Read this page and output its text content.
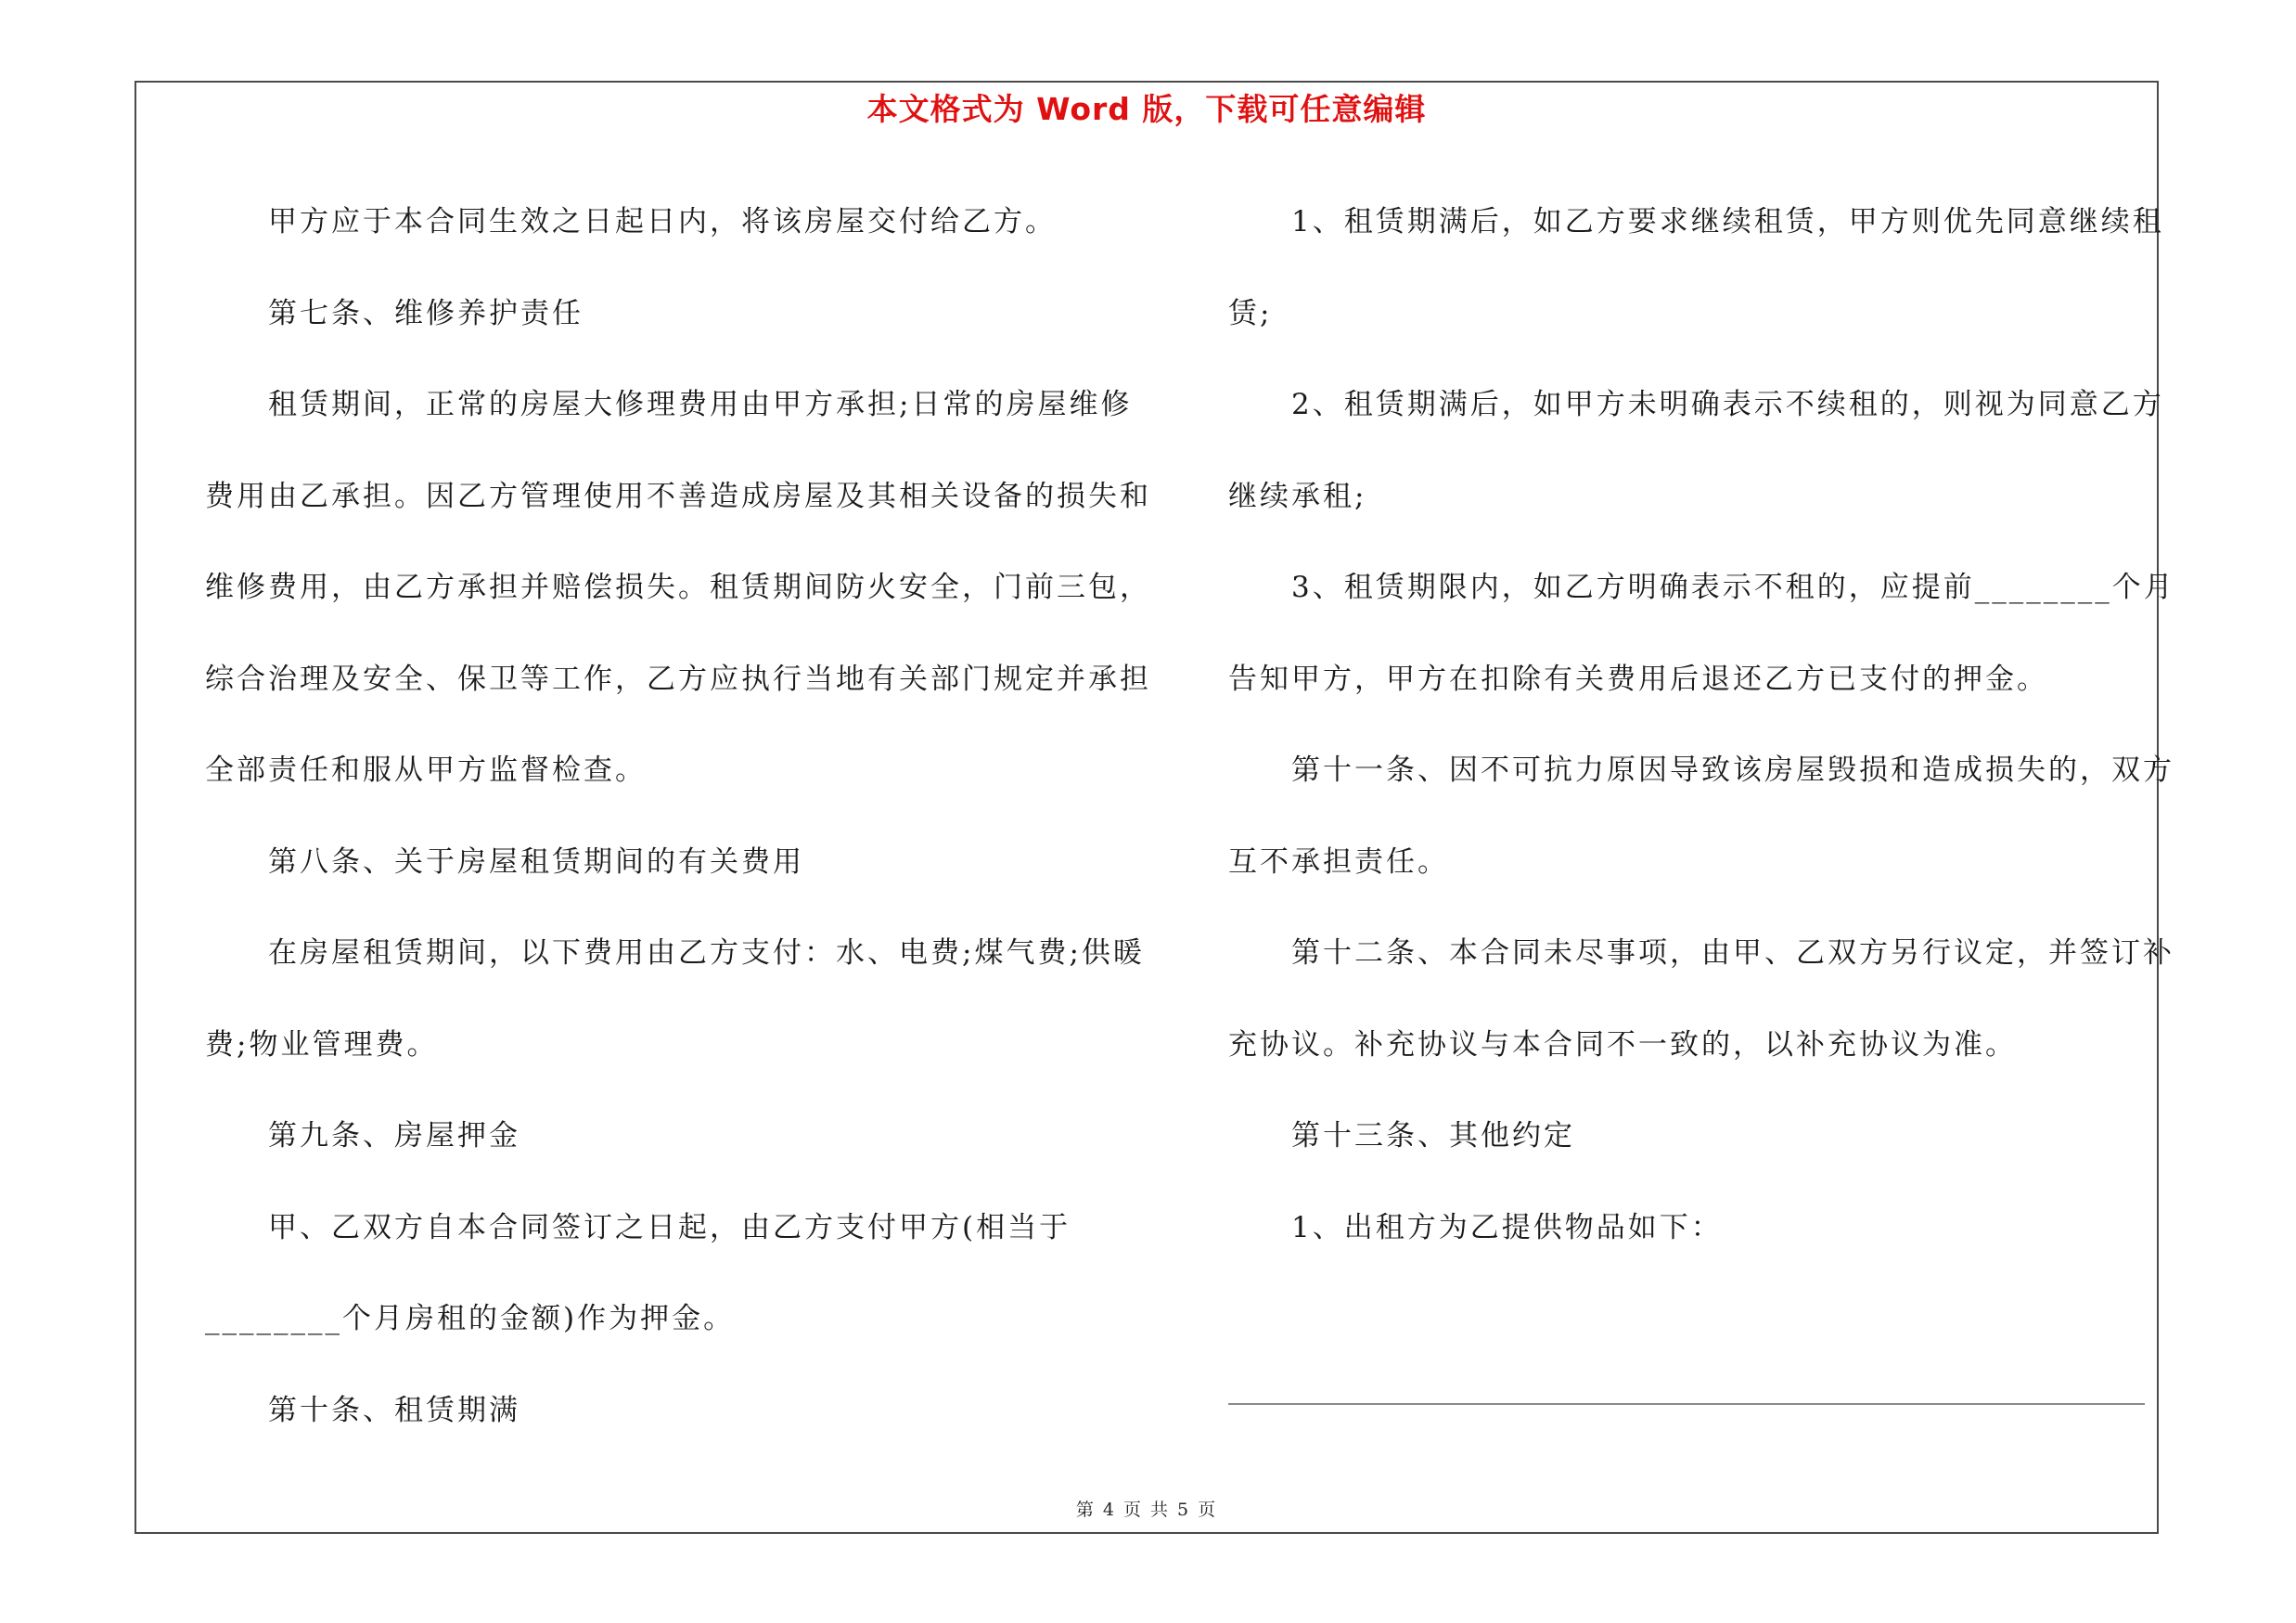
本文格式为 Word 版，下载可任意编辑
甲方应于本合同生效之日起日内，将该房屋交付给乙方。
第七条、维修养护责任
租赁期间，正常的房屋大修理费用由甲方承担;日常的房屋维修
费用由乙承担。因乙方管理使用不善造成房屋及其相关设备的损失和
维修费用，由乙方承担并赔偿损失。租赁期间防火安全，门前三包，
综合治理及安全、保卫等工作，乙方应执行当地有关部门规定并承担
全部责任和服从甲方监督检查。
第八条、关于房屋租赁期间的有关费用
在房屋租赁期间，以下费用由乙方支付：水、电费;煤气费;供暖
费;物业管理费。
第九条、房屋押金
甲、乙双方自本合同签订之日起，由乙方支付甲方(相当于
________个月房租的金额)作为押金。
第十条、租赁期满
1、租赁期满后，如乙方要求继续租赁，甲方则优先同意继续租
赁;
2、租赁期满后，如甲方未明确表示不续租的，则视为同意乙方
继续承租;
3、租赁期限内，如乙方明确表示不租的，应提前________个月
告知甲方，甲方在扣除有关费用后退还乙方已支付的押金。
第十一条、因不可抗力原因导致该房屋毁损和造成损失的，双方
互不承担责任。
第十二条、本合同未尽事项，由甲、乙双方另行议定，并签订补
充协议。补充协议与本合同不一致的，以补充协议为准。
第十三条、其他约定
1、出租方为乙提供物品如下：
第 4 页 共 5 页
